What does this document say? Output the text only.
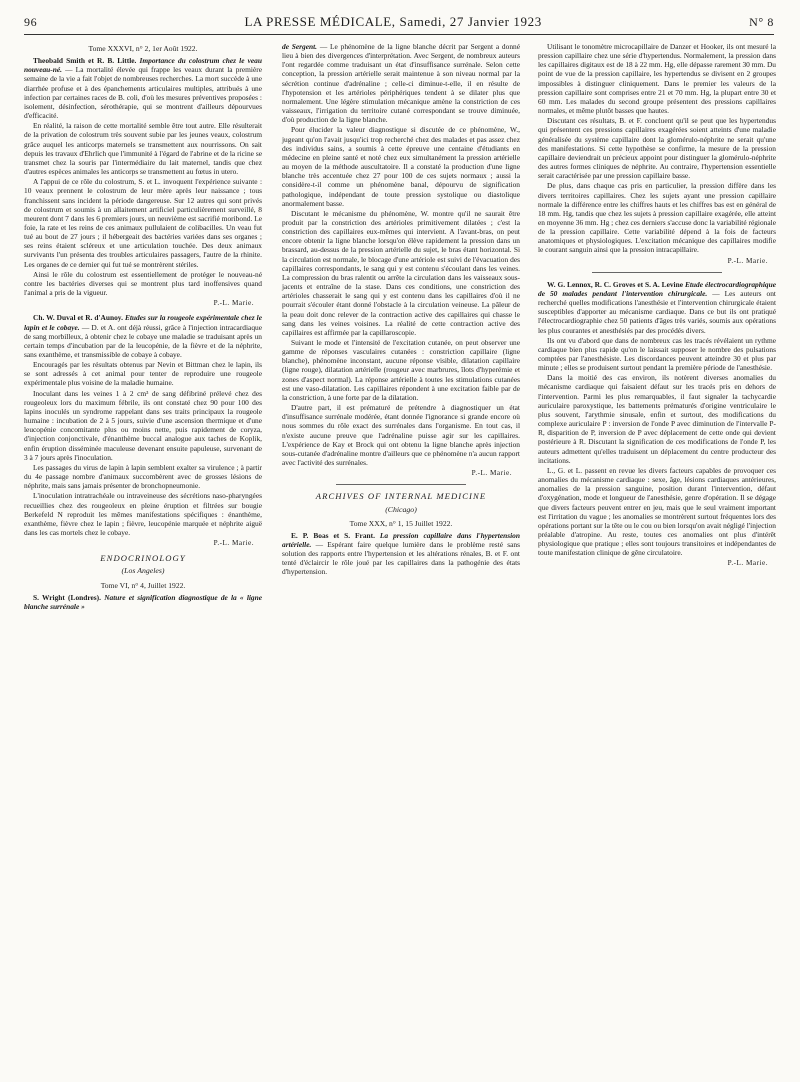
96	LA PRESSE MÉDICALE, Samedi, 27 Janvier 1923	N° 8
Tome XXXVI, n° 2, 1er Août 1922.

Theobald Smith et R. B. Little. Importance du colostrum chez le veau nouveau-né. — La mortalité élevée qui frappe les veaux durant la première semaine de la vie a fait l'objet de nombreuses recherches. La mort succède à une diarrhée profuse et à des épanchements articulaires multiples, attribués à une infection par certaines races de B. coli, d'où les mesures préventives proposées : isolement, désinfection, sérothérapie, qui se montrent d'ailleurs dépourvues d'efficacité.

En réalité, la raison de cette mortalité semble être tout autre. Elle résulterait de la privation de colostrum très souvent subie par les jeunes veaux, colostrum grâce auquel les anticorps maternels se transmettent aux nourrissons. On sait depuis les travaux d'Ehrlich que l'immunité à l'égard de l'abrine et de la ricine se transmet chez la souris par l'intermédiaire du lait maternel, tandis que chez d'autres espèces animales les anticorps se transmettent au fœtus in utero.

A l'appui de ce rôle du colostrum, S. et L. invoquent l'expérience suivante : 10 veaux prennent le colostrum de leur mère après leur naissance ; tous franchissent sans incident la période dangereuse. Sur 12 autres qui sont privés de colostrum et soumis à un allaitement artificiel particulièrement surveillé, 8 meurent dont 7 dans les 6 premiers jours, un neuvième est sacrifié moribond. Le foie, la rate et les reins de ces animaux pullulaient de colibacilles. Un veau fut tué au bout de 27 jours ; il hébergeait des bactéries variées dans ses organes ; ses reins étaient scléreux et une articulation touchée. Des deux animaux survivants l'un présenta des troubles articulaires passagers, l'autre de la rhinite. Les organes de ce dernier qui fut tué se montrèrent stériles.

Ainsi le rôle du colostrum est essentiellement de protéger le nouveau-né contre les bactéries diverses qui se montrent plus tard inoffensives quand l'animal a pris de la vigueur.

P.-L. Marie.

Ch. W. Duval et R. d'Aunoy. Etudes sur la rougeole expérimentale chez le lapin et le cobaye. — D. et A. ont déjà réussi, grâce à l'injection intracardiaque de sang morbilleux, à obtenir chez le cobaye une maladie se traduisant après un certain temps d'incubation par de la leucopénie, de la fièvre et de la néphrite, sans exanthème, et transmissible de cobaye à cobaye.

Encouragés par les résultats obtenus par Nevin et Bittman chez le lapin, ils se sont adressés à cet animal pour tenter de reproduire une rougeole expérimentale plus voisine de la maladie humaine.

Inoculant dans les veines 1 à 2 cm³ de sang défibriné prélevé chez des rougeoleux lors du maximum fébrile, ils ont constaté chez 90 pour 100 des lapins inoculés un syndrome rappelant dans ses traits principaux la rougeole humaine : incubation de 2 à 5 jours, suivie d'une ascension thermique et d'une leucopénie concomitante plus ou moins nette, puis rapidement de coryza, d'injection conjonctivale, d'énanthème buccal analogue aux taches de Koplik, enfin éruption disséminée maculeuse devenant ensuite papuleuse, survenant de 3 à 7 jours après l'inoculation.

Les passages du virus de lapin à lapin semblent exalter sa virulence ; à partir du 4e passage nombre d'animaux succombèrent avec de grosses lésions de néphrite, mais sans jamais présenter de bronchopneumonie.

L'inoculation intratrachéale ou intraveineuse des sécrétions naso-pharyngées recueillies chez des rougeoleux en pleine éruption et filtrées sur bougie Berkefeld N reproduit les mêmes manifestations spécifiques : énanthème, exanthème, fièvre chez le lapin ; fièvre, leucopénie marquée et néphrite aiguë dans les cas mortels chez le cobaye.

P.-L. Marie.
ENDOCRINOLOGY
(Los Angeles)
Tome VI, n° 4, Juillet 1922.

S. Wright (Londres). Nature et signification diagnostique de la « ligne blanche surrénale »

de Sergent. — Le phénomène de la ligne blanche décrit par Sergent a donné lieu à bien des divergences d'interprétation. Avec Sergent, de nombreux auteurs l'ont regardée comme traduisant un état d'insuffisance surrénale. Selon cette conception, la pression artérielle serait maintenue à son niveau normal par la sécrétion continue d'adrénaline ; celle-ci diminue-t-elle, il en résulte de l'hypotension et les artérioles périphériques tendent à se dilater plus que normalement. Une légère stimulation mécanique amène la constriction de ces vaisseaux, l'irrigation du territoire cutané correspondant se trouve diminuée, d'où production de la ligne blanche.

Pour élucider la valeur diagnostique si discutée de ce phénomène, W., jugeant qu'on l'avait jusqu'ici trop recherché chez des malades et pas assez chez des individus sains, a soumis à cette épreuve une centaine d'étudiants en médecine en pleine santé et noté chez eux simultanément la pression artérielle au moyen de la méthode auscultatoire. Il a constaté la production d'une ligne blanche très accentuée chez 27 pour 100 de ces sujets normaux ; aussi la considère-t-il comme un phénomène banal, dépourvu de signification pathologique, indépendant de toute pression systolique ou diastolique anormalement basse.

Discutant le mécanisme du phénomène, W. montre qu'il ne saurait être produit par la constriction des artérioles primitivement dilatées ; c'est la constriction des capillaires eux-mêmes qui intervient. A l'avant-bras, on peut encore obtenir la ligne blanche lorsqu'on élève rapidement la pression dans un brassard, au-dessus de la pression artérielle du sujet, le bras étant horizontal. Si la circulation est normale, le blocage d'une artériole est suivi de l'évacuation des capillaires correspondants, le sang qui y est contenu s'écoulant dans les veines. La compression du bras ralentit ou arrête la circulation dans les vaisseaux sous-jacents et entraîne de la stase. Dans ces conditions, une constriction des artérioles chasserait le sang qui y est contenu dans les capillaires d'où il ne pourrait s'écouler étant donné l'obstacle à la circulation veineuse. La pâleur de la peau doit donc relever de la contraction active des capillaires qui chasse le sang dans les veines voisines. La réalité de cette contraction active des capillaires est affirmée par la capillaroscopie.

Suivant le mode et l'intensité de l'excitation cutanée, on peut observer une gamme de réponses vasculaires cutanées : constriction capillaire (ligne blanche), phénomène inconstant, aucune réponse visible, dilatation capillaire (ligne rouge), dilatation artérielle (rougeur avec marbrures, îlots d'hyperémie et zones d'aspect normal). La réponse artérielle à toutes les stimulations cutanées est une vaso-dilatation. Les capillaires répondent à une excitation faible par de la constriction, à une forte par de la dilatation.

D'autre part, il est prématuré de prétendre à diagnostiquer un état d'insuffisance surrénale modérée, étant donnée l'ignorance si grande encore où nous sommes du rôle exact des surrénales dans l'organisme. En tout cas, il n'existe aucune preuve que l'adrénaline puisse agir sur les capillaires. L'expérience de Kay et Brock qui ont obtenu la ligne blanche après injection sous-cutanée d'adrénaline montre d'ailleurs que ce phénomène n'a aucun rapport avec l'activité des surrénales.

P.-L. Marie.
ARCHIVES OF INTERNAL MEDICINE
(Chicago)
Tome XXX, n° 1, 15 Juillet 1922.

E. P. Boas et S. Frant. La pression capillaire dans l'hypertension artérielle. — Espérant faire quelque lumière dans le problème resté sans solution des rapports entre l'hypertension et les altérations rénales, B. et F. ont tenté d'éclaircir le rôle joué par les capillaires dans la pathogénie des états d'hypertension.

Utilisant le tonomètre microcapillaire de Danzer et Hooker, ils ont mesuré la pression capillaire chez une série d'hypertendus. Normalement, la pression dans les capillaires digitaux est de 18 à 22 mm. Hg, elle dépasse rarement 30 mm. Du point de vue de la pression capillaire, les hypertendus se divisent en 2 groupes impossibles à distinguer cliniquement. Dans le premier les valeurs de la pression capillaire sont comprises entre 21 et 70 mm. Hg, la plupart entre 30 et 60 mm. Les malades du second groupe présentent des pressions capillaires normales, et même plutôt basses que hautes.

Discutant ces résultats, B. et F. concluent qu'il se peut que les hypertendus qui présentent ces pressions capillaires exagérées soient atteints d'une maladie généralisée du système capillaire dont la glomérulo-néphrite ne serait qu'une des manifestations. Si cette hypothèse se confirme, la mesure de la pression capillaire deviendrait un précieux appoint pour distinguer la glomérulo-néphrite des autres formes cliniques de néphrite. Au contraire, l'hypertension essentielle serait caractérisée par une pression capillaire basse.

De plus, dans chaque cas pris en particulier, la pression diffère dans les divers territoires capillaires. Chez les sujets ayant une pression capillaire normale la différence entre les chiffres hauts et les chiffres bas est en général de 18 mm. Hg, tandis que chez les sujets à pression capillaire exagérée, elle atteint en moyenne 36 mm. Hg ; chez ces derniers s'accuse donc la variabilité régionale de la pression capillaire. Cette variabilité dépend à la fois de facteurs anatomiques et physiologiques. L'excitation mécanique des capillaires modifie le courant sanguin ainsi que la pression intracapillaire.

P.-L. Marie.

W. G. Lennox, R. C. Groves et S. A. Levine Etude électrocardiographique de 50 malades pendant l'intervention chirurgicale. — Les auteurs ont recherché quelles modifications l'anesthésie et l'intervention chirurgicale étaient susceptibles d'apporter au mécanisme cardiaque. Dans ce but ils ont pratiqué l'électrocardiographie chez 50 patients d'âges très variés, soumis aux opérations les plus courantes et anesthésiés par des procédés divers.

Ils ont vu d'abord que dans de nombreux cas les tracés révélaient un rythme cardiaque bien plus rapide qu'on le laissait supposer le nombre des pulsations comptées par l'anesthésiste. Les discordances peuvent atteindre 30 et plus par minute ; elles se produisent surtout pendant la première période de l'anesthésie.

Dans la moitié des cas environ, ils notèrent diverses anomalies du mécanisme cardiaque qui faisaient défaut sur les tracés pris en dehors de l'intervention. Parmi les plus remarquables, il faut signaler la tachycardie auriculaire paroxystique, les battements prématurés d'origine ventriculaire le plus souvent, l'arythmie sinusale, enfin et surtout, des modifications du complexe auriculaire P : inversion de l'onde P avec diminution de l'intervalle P-R, disparition de P, inversion de P avec déplacement de cette onde qui devient postérieure à R. Discutant la signification de ces modifications de l'onde P, les auteurs admettent qu'elles traduisent un déplacement du centre producteur des incitations.

L., G. et L. passent en revue les divers facteurs capables de provoquer ces anomalies du mécanisme cardiaque : sexe, âge, lésions cardiaques antérieures, anomalies de la pression sanguine, position durant l'intervention, défaut d'oxygénation, mode et longueur de l'anesthésie, genre d'opération. Il se dégage que divers facteurs peuvent entrer en jeu, mais que le seul vraiment important est l'irritation du vague ; les anomalies se montrèrent surtout fréquentes lors des opérations portant sur la tête ou le cou ou bien lorsqu'on avait négligé l'injection préalable d'atropine. Au reste, toutes ces anomalies ont plus d'intérêt physiologique que pratique ; elles sont toujours transitoires et indépendantes de toute manifestation clinique de gêne circulatoire.

P.-L. Marie.
